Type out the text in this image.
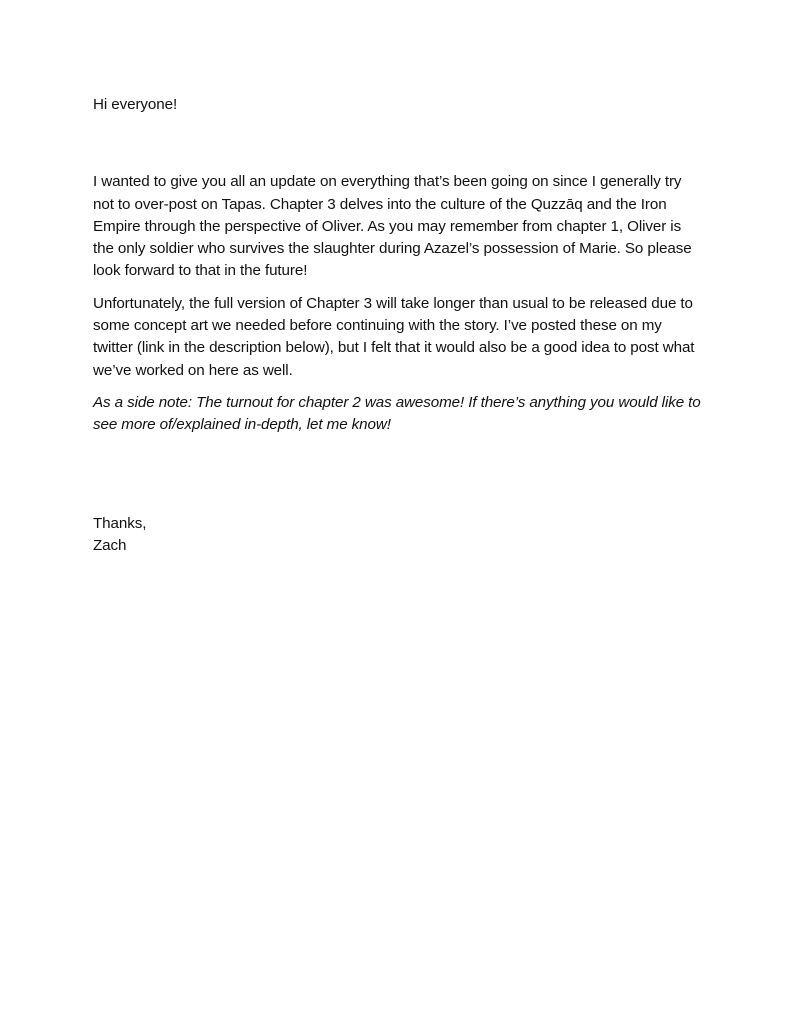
Hi everyone!

I wanted to give you all an update on everything that’s been going on since I generally try not to over-post on Tapas. Chapter 3 delves into the culture of the Quzzāq and the Iron Empire through the perspective of Oliver. As you may remember from chapter 1, Oliver is the only soldier who survives the slaughter during Azazel’s possession of Marie. So please look forward to that in the future!

Unfortunately, the full version of Chapter 3 will take longer than usual to be released due to some concept art we needed before continuing with the story. I’ve posted these on my twitter (link in the description below), but I felt that it would also be a good idea to post what we’ve worked on here as well.

As a side note: The turnout for chapter 2 was awesome! If there’s anything you would like to see more of/explained in-depth, let me know!

Thanks,

Zach
